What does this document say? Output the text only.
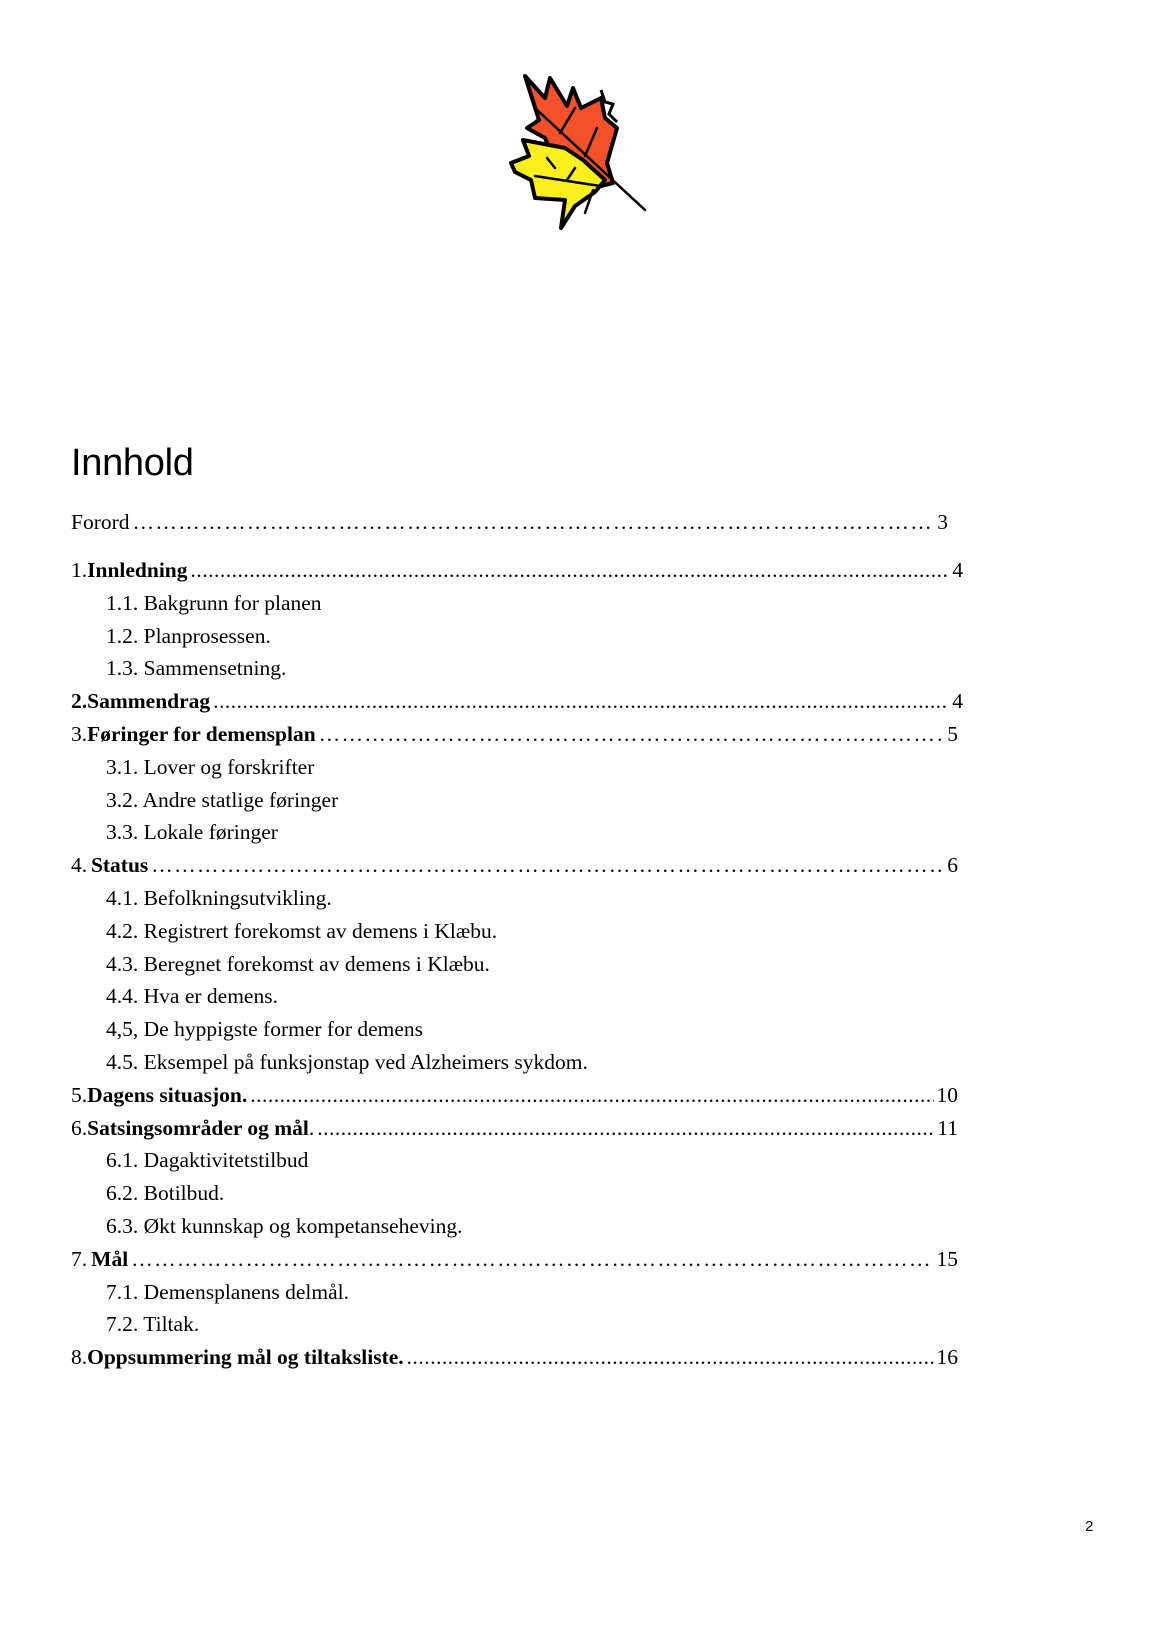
Innhold
Forord … … … … … … … … … … … … … … … … … … … … … … … … … … … … … … … … … … … … … … … … … … … … … … … … … … … … … … … … … … … … …	3
1. Innledning .....	4
1.1. Bakgrunn for planen
1.2. Planprosessen.
1.3. Sammensetning.
2. Sammendrag .....	4
3. Føringer for demensplan … … … … … … … … … … … … … … … … … … … … … … … … … … … … … … … … … … … … … … … … … … … … … … … … … … … … … … … … … … … … …	5
3.1. Lover og forskrifter
3.2. Andre statlige føringer
3.3. Lokale føringer
4. Status … … … … … … … … … … … … … … … … … … … … … … … … … … … … … … … … … … … … … … … … … … … … … … … … … … … … … … … … … … … … …	6
4.1. Befolkningsutvikling.
4.2. Registrert forekomst av demens i Klæbu.
4.3. Beregnet forekomst av demens i Klæbu.
4.4. Hva er demens.
4,5, De hyppigste former for demens
4.5. Eksempel på funksjonstap ved Alzheimers sykdom.
5. Dagens situasjon. .....	10
6. Satsingsområder og mål . .....	11
6.1. Dagaktivitetstilbud
6.2. Botilbud.
6.3. Økt kunnskap og kompetanseheving.
7. Mål … … … … … … … … … … … … … … … … … … … … … … … … … … … … … … … … … … … … … … … … … … … … … … … … … … … … … … … … … … … … …	15
7.1. Demensplanens delmål.
7.2. Tiltak.
8. Oppsummering mål og tiltaksliste. .....	16
2
